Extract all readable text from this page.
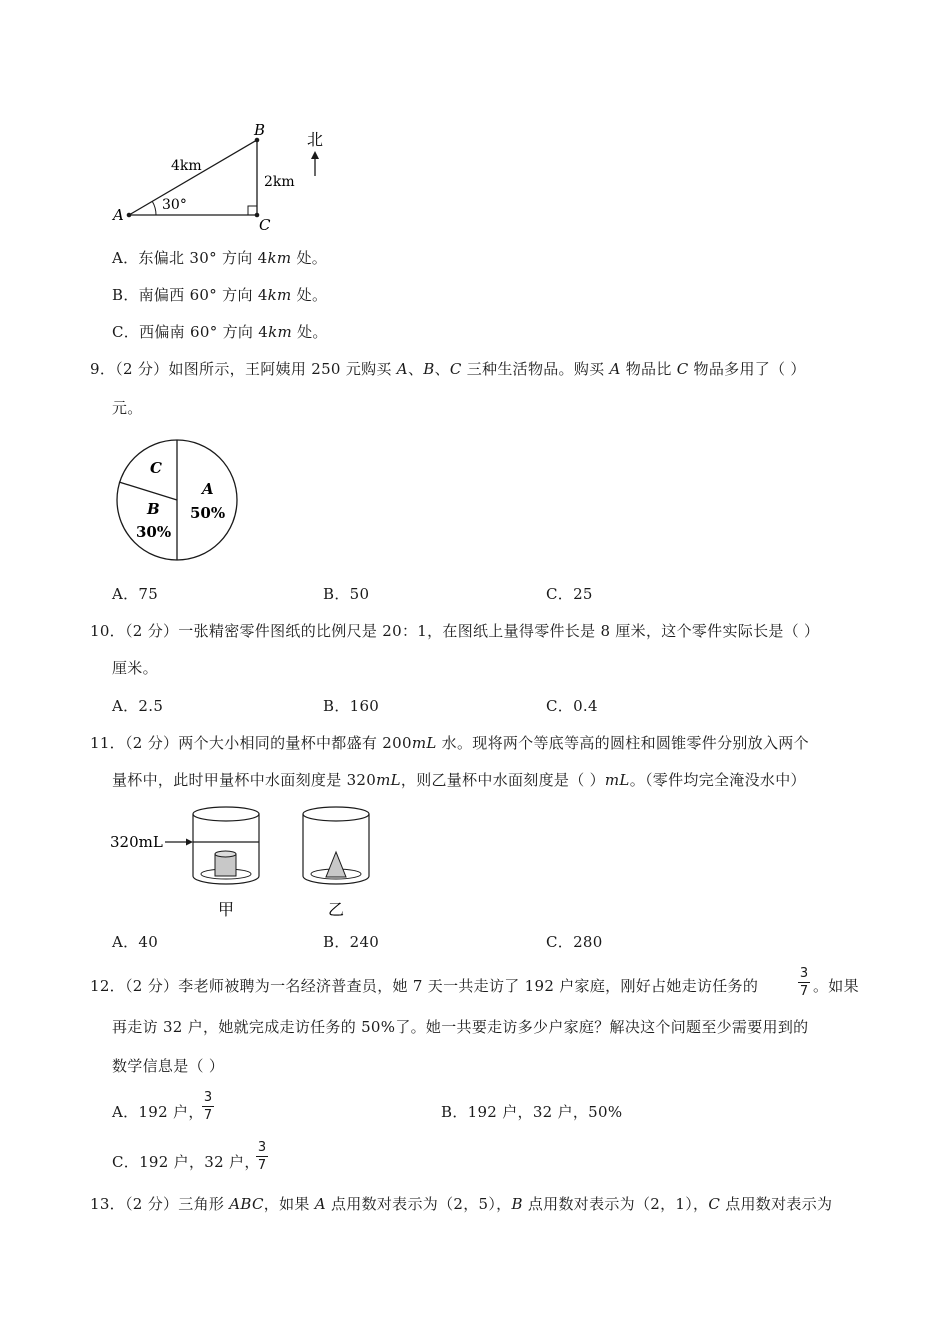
A
B
C
4km
2km
30°
北
A．东偏北 30° 方向 4km 处。
B．南偏西 60° 方向 4km 处。
C．西偏南 60° 方向 4km 处。
9．（2 分）如图所示，王阿姨用 250 元购买 A、B、C 三种生活物品。购买 A 物品比 C 物品多用了（ ）
元。
C
A
50%
B
30%
A．75	B．50	C．25
10．（2 分）一张精密零件图纸的比例尺是 20：1，在图纸上量得零件长是 8 厘米，这个零件实际长是（ ）
厘米。
A．2.5	B．160	C．0.4
11．（2 分）两个大小相同的量杯中都盛有 200mL 水。现将两个等底等高的圆柱和圆锥零件分别放入两个
量杯中，此时甲量杯中水面刻度是 320mL，则乙量杯中水面刻度是（ ）mL。（零件均完全淹没水中）
320mL
甲	乙
A．40	B．240	C．280
12．（2 分）李老师被聘为一名经济普查员，她 7 天一共走访了 192 户家庭，刚好占她走访任务的
3
7 。如果
再走访 32 户，她就完成走访任务的 50%了。她一共要走访多少户家庭？解决这个问题至少需要用到的
数学信息是（ ）
A．192 户，
3
7	B．192 户，32 户，50%
C．192 户，32 户，
3
7
13．（2 分）三角形 ABC，如果 A 点用数对表示为（2，5），B 点用数对表示为（2，1），C 点用数对表示为
